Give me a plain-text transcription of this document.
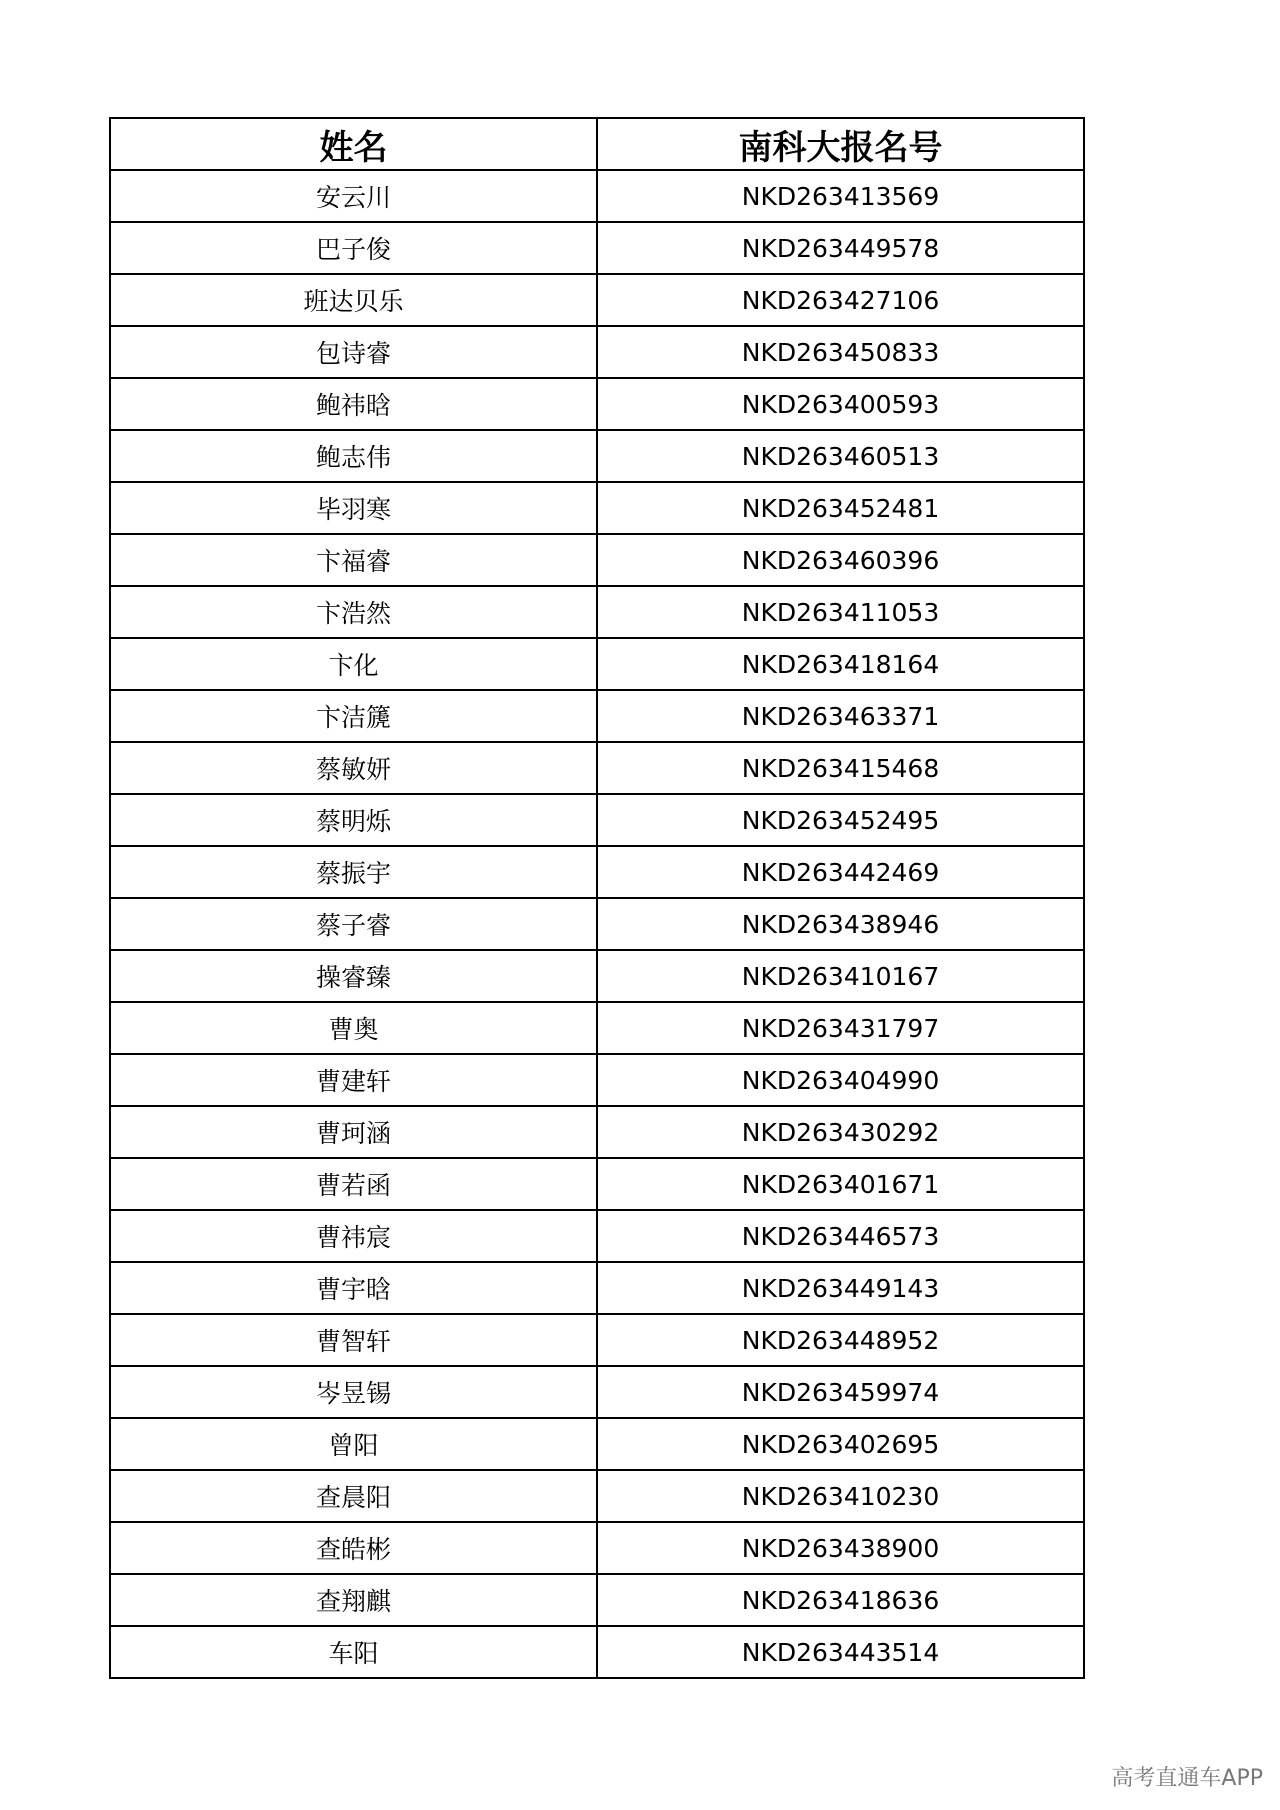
姓名	南科大报名号
安云川	NKD263413569
巴子俊	NKD263449578
班达贝乐	NKD263427106
包诗睿	NKD263450833
鲍祎晗	NKD263400593
鲍志伟	NKD263460513
毕羽寒	NKD263452481
卞福睿	NKD263460396
卞浩然	NKD263411053
卞化	NKD263418164
卞洁篪	NKD263463371
蔡敏妍	NKD263415468
蔡明烁	NKD263452495
蔡振宇	NKD263442469
蔡子睿	NKD263438946
操睿臻	NKD263410167
曹奥	NKD263431797
曹建轩	NKD263404990
曹珂涵	NKD263430292
曹若函	NKD263401671
曹祎宸	NKD263446573
曹宇晗	NKD263449143
曹智轩	NKD263448952
岑昱锡	NKD263459974
曾阳	NKD263402695
查晨阳	NKD263410230
查皓彬	NKD263438900
查翔麒	NKD263418636
车阳	NKD263443514
高考直通车APP
